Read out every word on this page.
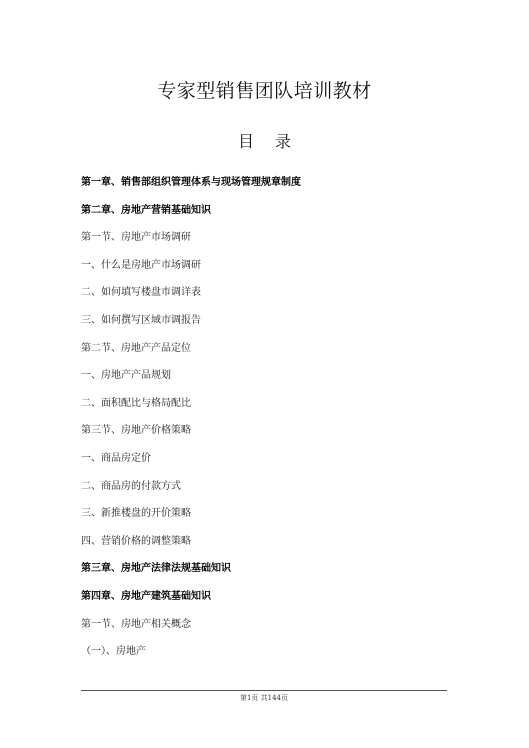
专家型销售团队培训教材
目 录
第一章、销售部组织管理体系与现场管理规章制度
第二章、房地产营销基础知识
第一节、房地产市场调研
一、什么是房地产市场调研
二、如何填写楼盘市调详表
三、如何撰写区域市调报告
第二节、房地产产品定位
一、房地产产品规划
二、面积配比与格局配比
第三节、房地产价格策略
一、商品房定价
二、商品房的付款方式
三、新推楼盘的开价策略
四、营销价格的调整策略
第三章、房地产法律法规基础知识
第四章、房地产建筑基础知识
第一节、房地产相关概念
（一）、房地产
第1页 共144页
